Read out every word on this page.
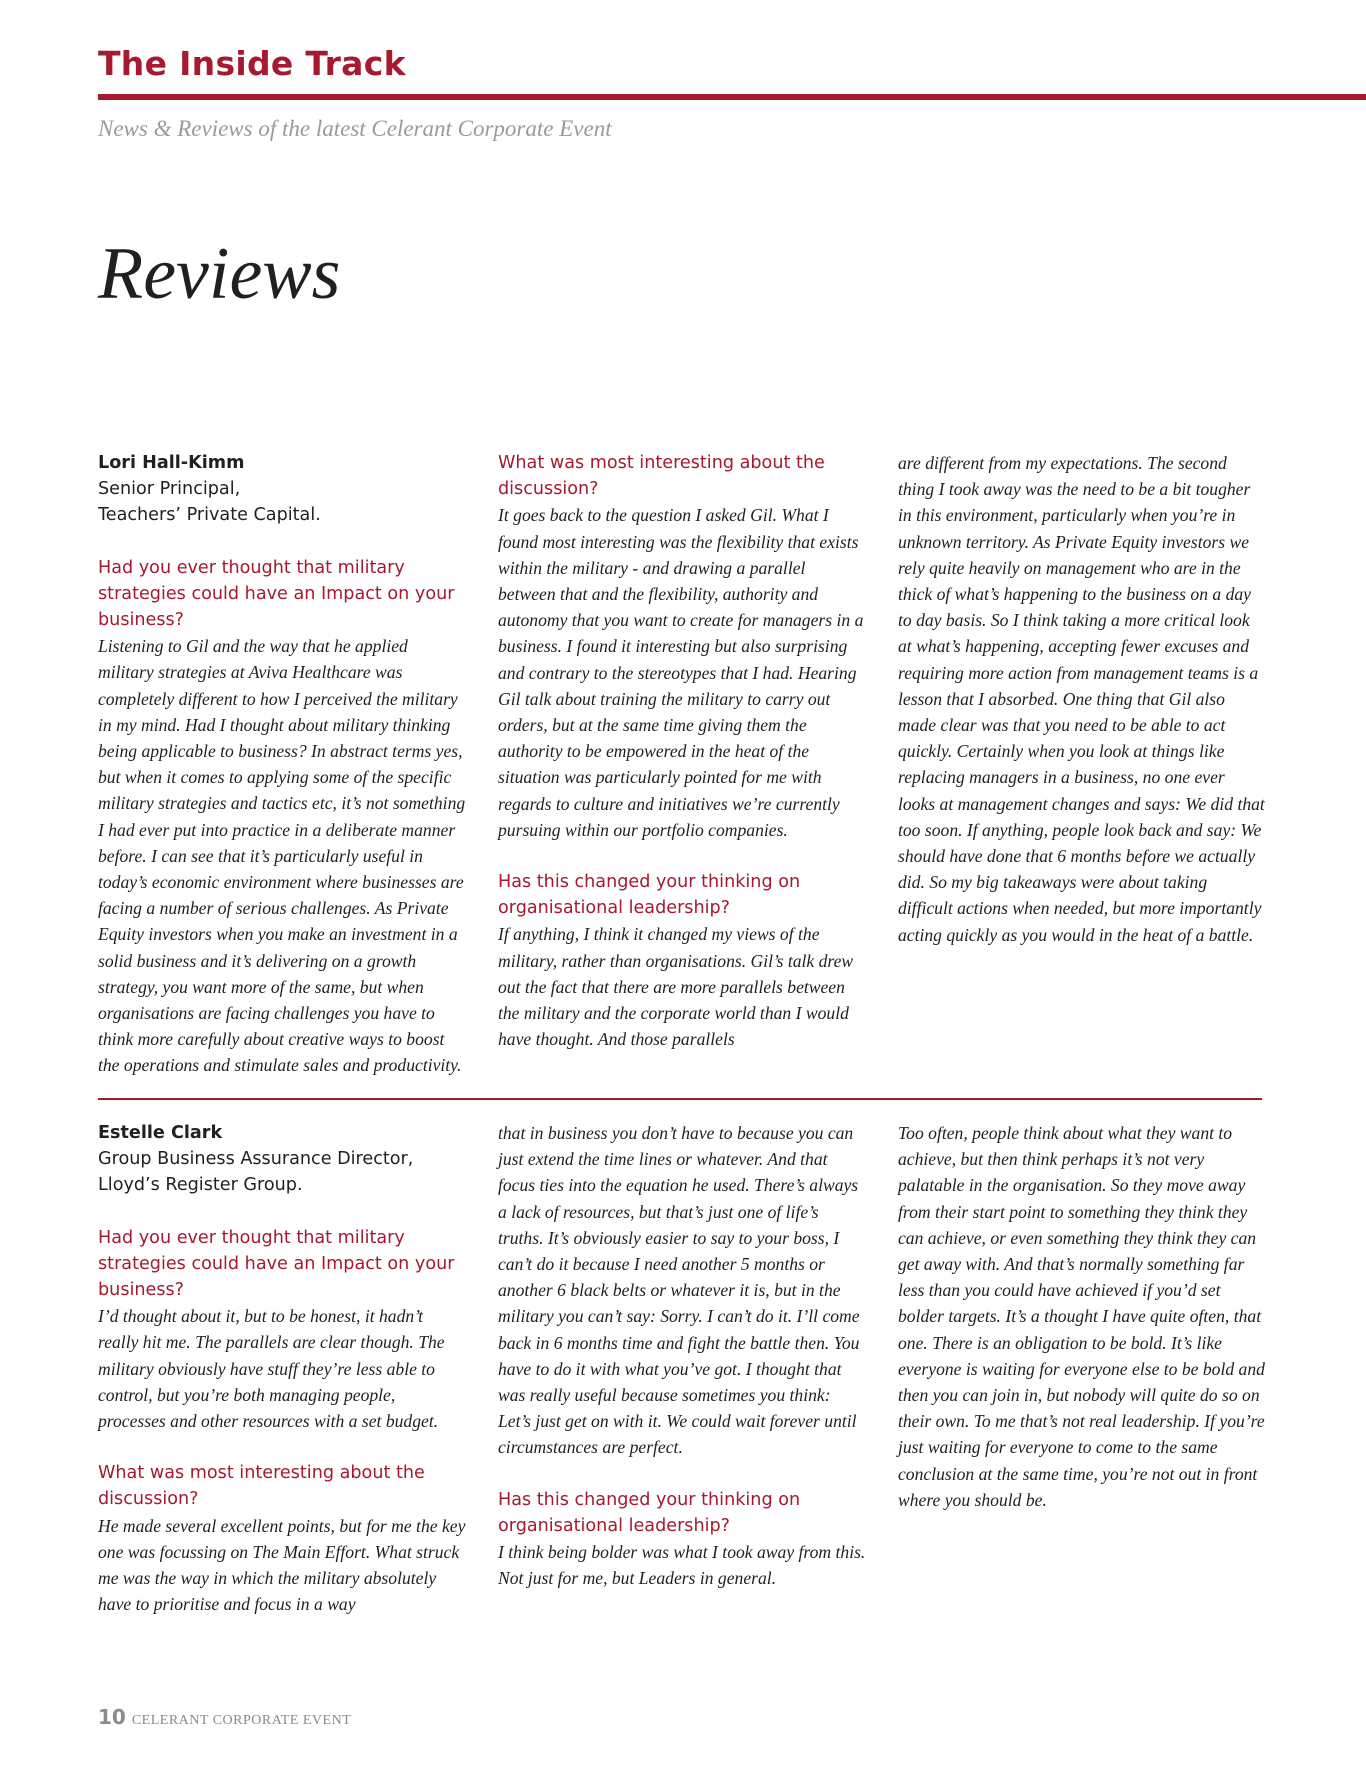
The Inside Track

News & Reviews of the latest Celerant Corporate Event

Reviews
Lori Hall-Kimm
Senior Principal,
Teachers’ Private Capital.
Had you ever thought that military strategies could have an Impact on your business?

Listening to Gil and the way that he applied military strategies at Aviva Healthcare was completely different to how I perceived the military in my mind. Had I thought about military thinking being applicable to business? In abstract terms yes, but when it comes to applying some of the specific military strategies and tactics etc, it’s not something I had ever put into practice in a deliberate manner before. I can see that it’s particularly useful in today’s economic environment where businesses are facing a number of serious challenges. As Private Equity investors when you make an investment in a solid business and it’s delivering on a growth strategy, you want more of the same, but when organisations are facing challenges you have to think more carefully about creative ways to boost the operations and stimulate sales and productivity.

What was most interesting about the discussion?

It goes back to the question I asked Gil. What I found most interesting was the flexibility that exists within the military - and drawing a parallel between that and the flexibility, authority and autonomy that you want to create for managers in a business. I found it interesting but also surprising and contrary to the stereotypes that I had. Hearing Gil talk about training the military to carry out orders, but at the same time giving them the authority to be empowered in the heat of the situation was particularly pointed for me with regards to culture and initiatives we’re currently pursuing within our portfolio companies.

Has this changed your thinking on organisational leadership?

If anything, I think it changed my views of the military, rather than organisations. Gil’s talk drew out the fact that there are more parallels between the military and the corporate world than I would have thought. And those parallels

are different from my expectations. The second thing I took away was the need to be a bit tougher in this environment, particularly when you’re in unknown territory. As Private Equity investors we rely quite heavily on management who are in the thick of what’s happening to the business on a day to day basis. So I think taking a more critical look at what’s happening, accepting fewer excuses and requiring more action from management teams is a lesson that I absorbed. One thing that Gil also made clear was that you need to be able to act quickly. Certainly when you look at things like replacing managers in a business, no one ever looks at management changes and says: We did that too soon. If anything, people look back and say: We should have done that 6 months before we actually did. So my big takeaways were about taking difficult actions when needed, but more importantly acting quickly as you would in the heat of a battle.

Estelle Clark
Group Business Assurance Director,
Lloyd’s Register Group.
Had you ever thought that military strategies could have an Impact on your business?

I’d thought about it, but to be honest, it hadn’t really hit me. The parallels are clear though. The military obviously have stuff they’re less able to control, but you’re both managing people, processes and other resources with a set budget.

What was most interesting about the discussion?

He made several excellent points, but for me the key one was focussing on The Main Effort. What struck me was the way in which the military absolutely have to prioritise and focus in a way

that in business you don’t have to because you can just extend the time lines or whatever. And that focus ties into the equation he used. There’s always a lack of resources, but that’s just one of life’s truths. It’s obviously easier to say to your boss, I can’t do it because I need another 5 months or another 6 black belts or whatever it is, but in the military you can’t say: Sorry. I can’t do it. I’ll come back in 6 months time and fight the battle then. You have to do it with what you’ve got. I thought that was really useful because sometimes you think: Let’s just get on with it. We could wait forever until circumstances are perfect.

Has this changed your thinking on organisational leadership?

I think being bolder was what I took away from this. Not just for me, but Leaders in general.

Too often, people think about what they want to achieve, but then think perhaps it’s not very palatable in the organisation. So they move away from their start point to something they think they can achieve, or even something they think they can get away with. And that’s normally something far less than you could have achieved if you’d set bolder targets. It’s a thought I have quite often, that one. There is an obligation to be bold. It’s like everyone is waiting for everyone else to be bold and then you can join in, but nobody will quite do so on their own. To me that’s not real leadership. If you’re just waiting for everyone to come to the same conclusion at the same time, you’re not out in front where you should be.

10 CELERANT CORPORATE EVENT
